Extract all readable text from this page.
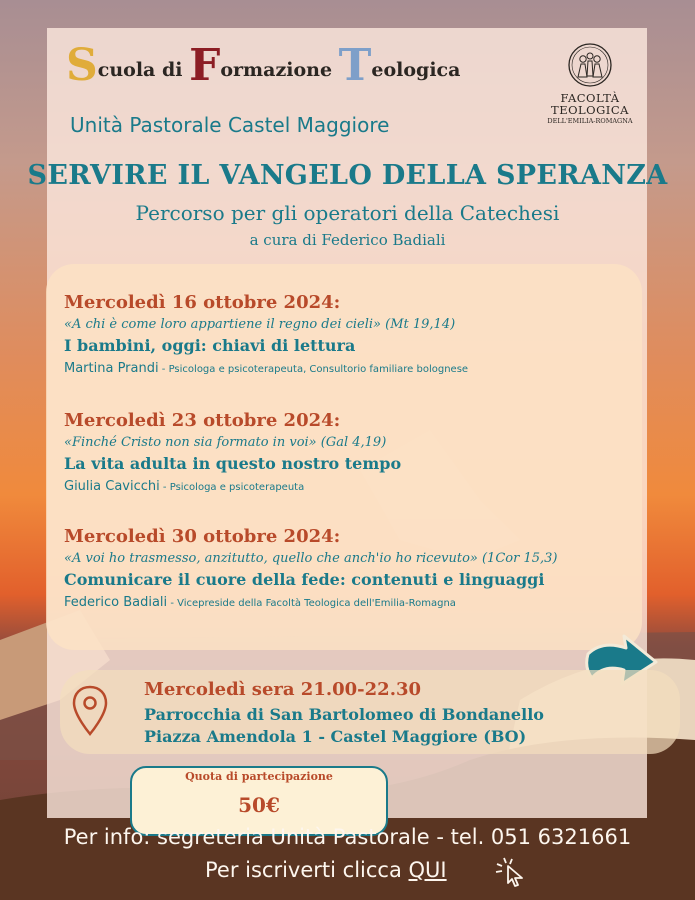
Scuola di Formazione Teologica
Unità Pastorale Castel Maggiore
FACOLTÀ
TEOLOGICA
DELL'EMILIA-ROMAGNA
SERVIRE IL VANGELO DELLA SPERANZA
Percorso per gli operatori della Catechesi
a cura di Federico Badiali
Mercoledì 16 ottobre 2024:
«A chi è come loro appartiene il regno dei cieli» (Mt 19,14)
I bambini, oggi: chiavi di lettura
Martina Prandi - Psicologa e psicoterapeuta, Consultorio familiare bolognese
Mercoledì 23 ottobre 2024:
«Finché Cristo non sia formato in voi» (Gal 4,19)
La vita adulta in questo nostro tempo
Giulia Cavicchi - Psicologa e psicoterapeuta
Mercoledì 30 ottobre 2024:
«A voi ho trasmesso, anzitutto, quello che anch'io ho ricevuto» (1Cor 15,3)
Comunicare il cuore della fede: contenuti e linguaggi
Federico Badiali - Vicepreside della Facoltà Teologica dell'Emilia-Romagna
Mercoledì sera 21.00-22.30
Parrocchia di San Bartolomeo di Bondanello
Piazza Amendola 1 - Castel Maggiore (BO)
Quota di partecipazione
50€
Per info: segreteria Unità Pastorale - tel. 051 6321661
Per iscriverti clicca QUI
